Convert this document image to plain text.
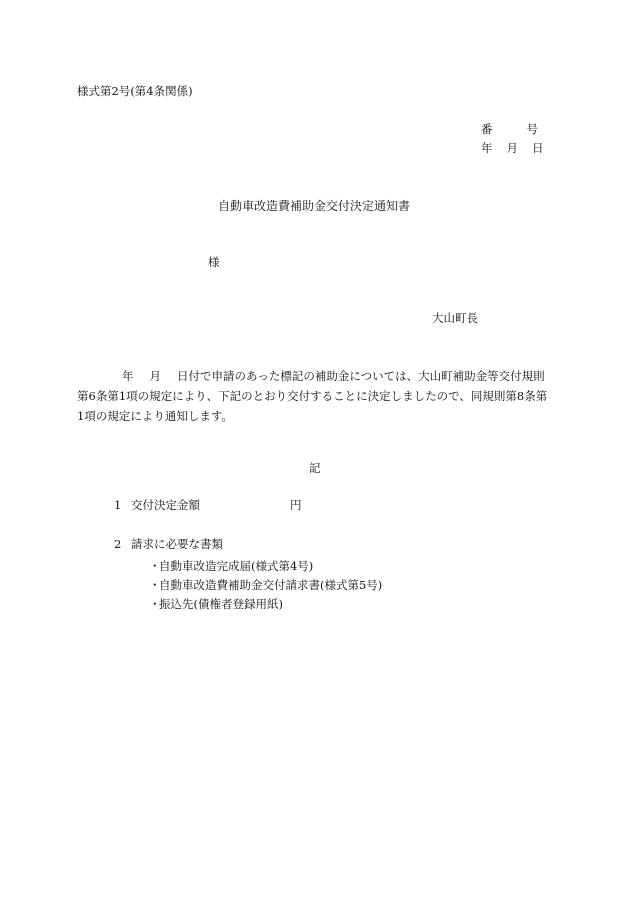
様式第2号(第4条関係)
番	号
年 月 日
自動車改造費補助金交付決定通知書
様
大山町長
年 月 日付で申請のあった標記の補助金については、大山町補助金等交付規則
第6条第1項の規定により、下記のとおり交付することに決定しましたので、同規則第8条第
1項の規定により通知します。
記
1 交付決定金額	円
2 請求に必要な書類
・自動車改造完成届(様式第4号)
・自動車改造費補助金交付請求書(様式第5号)
・振込先(債権者登録用紙)
